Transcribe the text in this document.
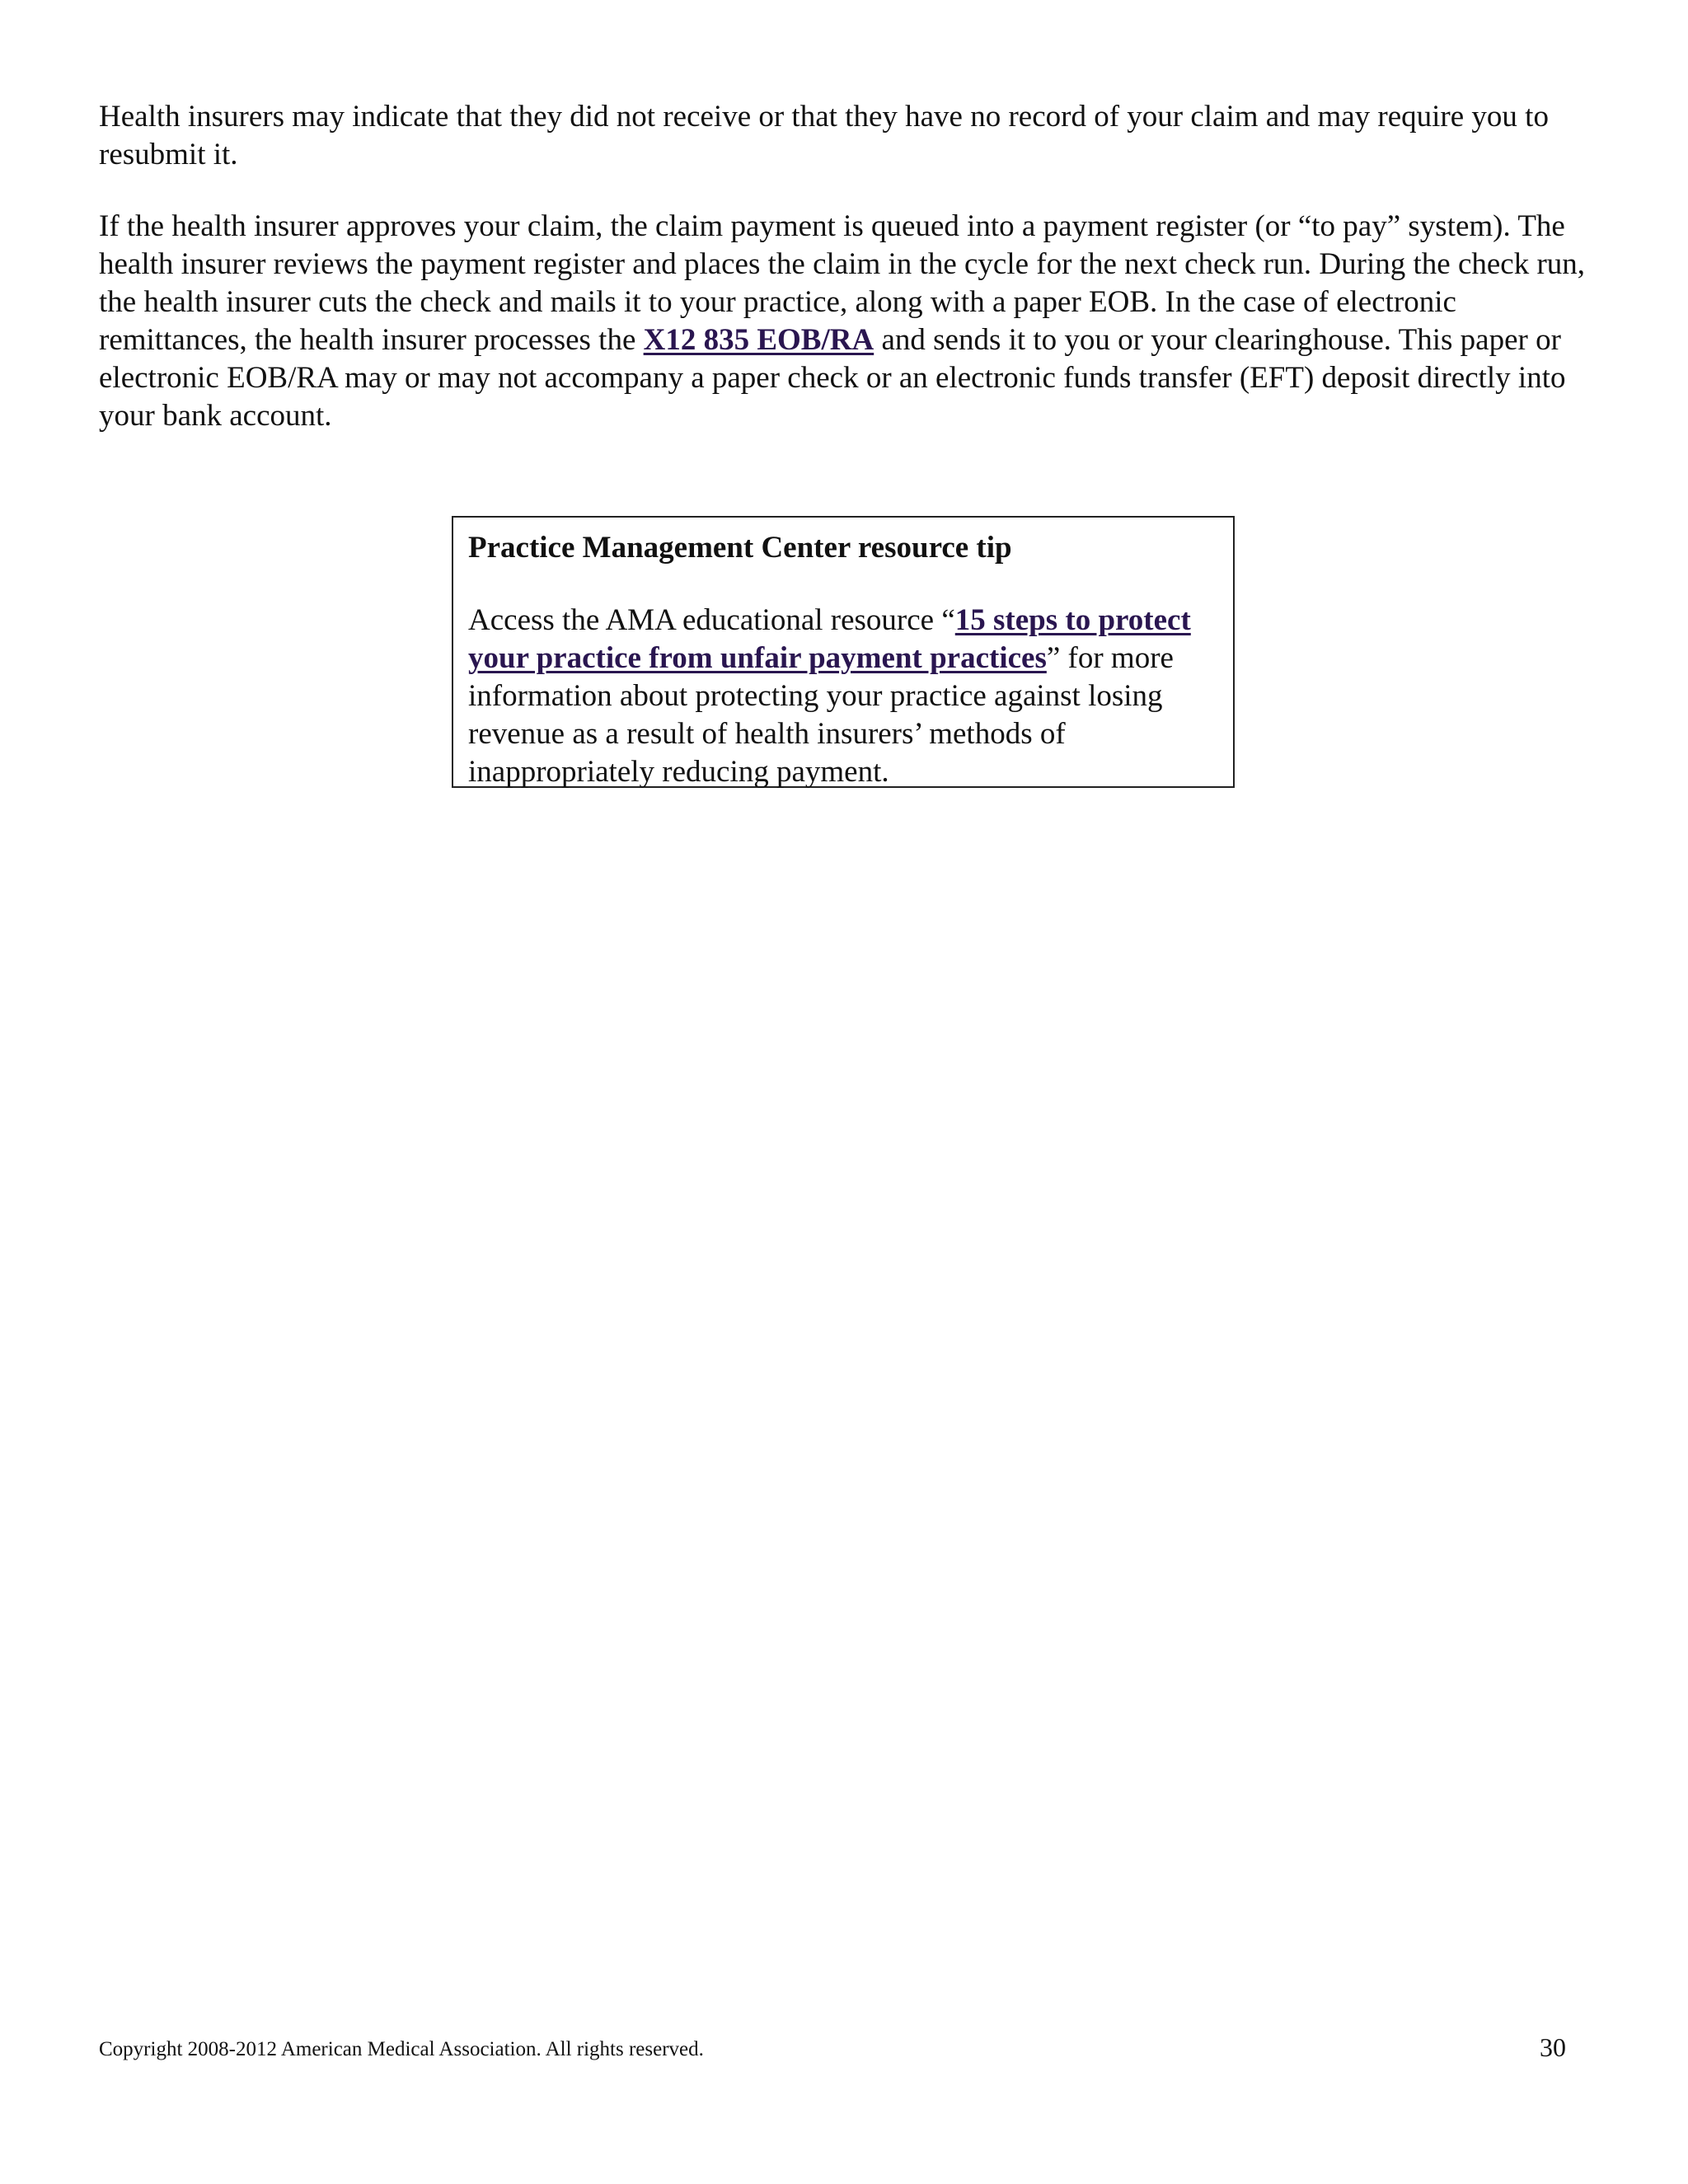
Health insurers may indicate that they did not receive or that they have no record of your claim and may require you to resubmit it.

If the health insurer approves your claim, the claim payment is queued into a payment register (or “to pay” system). The health insurer reviews the payment register and places the claim in the cycle for the next check run. During the check run, the health insurer cuts the check and mails it to your practice, along with a paper EOB. In the case of electronic remittances, the health insurer processes the X12 835 EOB/RA and sends it to you or your clearinghouse. This paper or electronic EOB/RA may or may not accompany a paper check or an electronic funds transfer (EFT) deposit directly into your bank account.

Practice Management Center resource tip

Access the AMA educational resource “15 steps to protect your practice from unfair payment practices” for more information about protecting your practice against losing revenue as a result of health insurers’ methods of inappropriately reducing payment.

Copyright 2008-2012 American Medical Association. All rights reserved.	30
